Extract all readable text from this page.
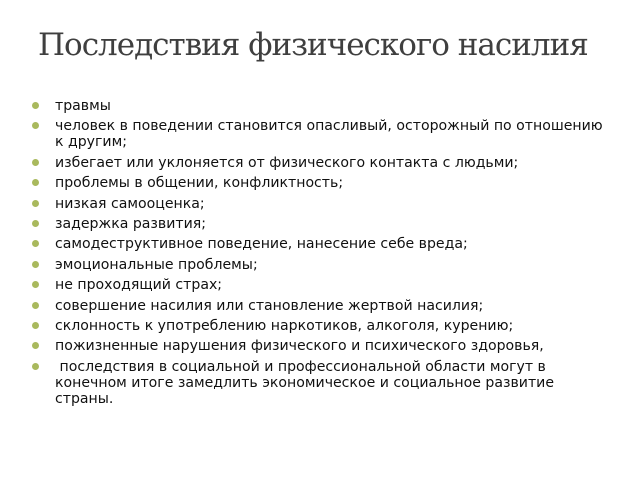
Последствия физического насилия
травмы
человек в поведении становится опасливый, осторожный по отношению к другим;
избегает или уклоняется от физического контакта с людьми;
проблемы в общении, конфликтность;
низкая самооценка;
задержка развития;
самодеструктивное поведение, нанесение себе вреда;
эмоциональные проблемы;
не проходящий страх;
совершение насилия или становление жертвой насилия;
склонность к употреблению наркотиков, алкоголя, курению;
пожизненные нарушения физического и психического здоровья,
последствия в социальной и профессиональной области могут в конечном итоге замедлить экономическое и социальное развитие страны.
